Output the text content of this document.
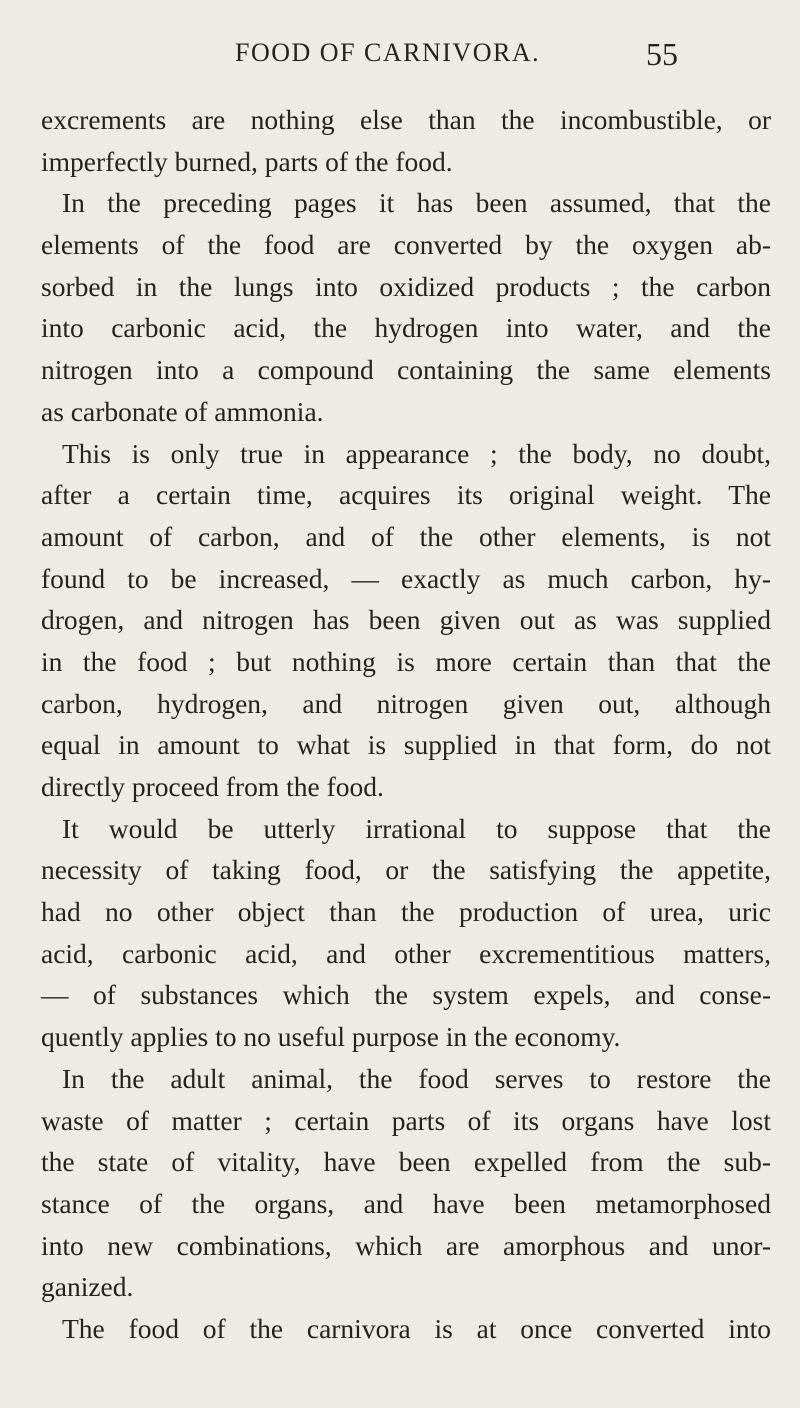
FOOD OF CARNIVORA.	55
excrements are nothing else than the incombustible, or
imperfectly burned, parts of the food.
In the preceding pages it has been assumed, that the
elements of the food are converted by the oxygen ab-
sorbed in the lungs into oxidized products ; the carbon
into carbonic acid, the hydrogen into water, and the
nitrogen into a compound containing the same elements
as carbonate of ammonia.
This is only true in appearance ; the body, no doubt,
after a certain time, acquires its original weight. The
amount of carbon, and of the other elements, is not
found to be increased, — exactly as much carbon, hy-
drogen, and nitrogen has been given out as was supplied
in the food ; but nothing is more certain than that the
carbon, hydrogen, and nitrogen given out, although
equal in amount to what is supplied in that form, do not
directly proceed from the food.
It would be utterly irrational to suppose that the
necessity of taking food, or the satisfying the appetite,
had no other object than the production of urea, uric
acid, carbonic acid, and other excrementitious matters,
— of substances which the system expels, and conse-
quently applies to no useful purpose in the economy.
In the adult animal, the food serves to restore the
waste of matter ; certain parts of its organs have lost
the state of vitality, have been expelled from the sub-
stance of the organs, and have been metamorphosed
into new combinations, which are amorphous and unor-
ganized.
The food of the carnivora is at once converted into
